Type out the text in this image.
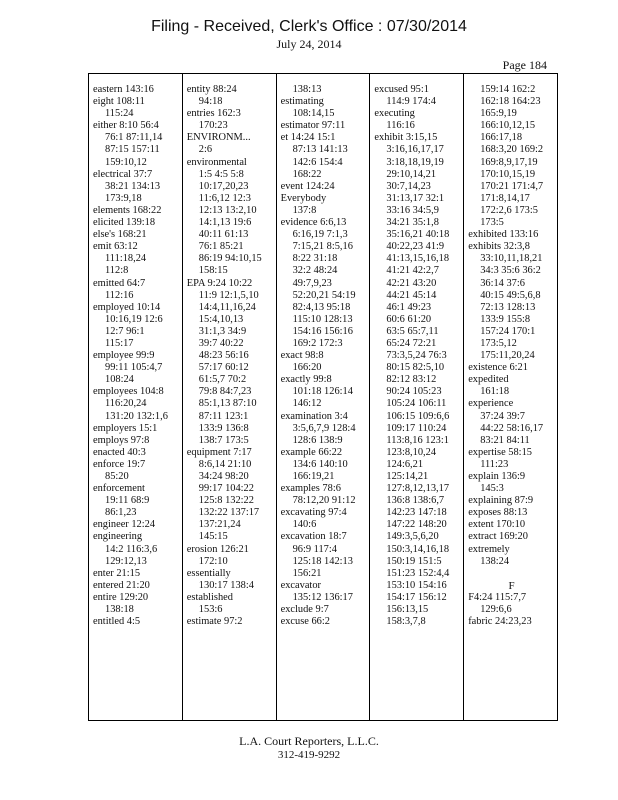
Filing - Received, Clerk's Office : 07/30/2014
July 24, 2014
Page 184
eastern 143:16
eight 108:11
115:24
either 8:10 56:4
76:1 87:11,14
87:15 157:11
159:10,12
electrical 37:7
38:21 134:13
173:9,18
elements 168:22
elicited 139:18
else's 168:21
emit 63:12
111:18,24
112:8
emitted 64:7
112:16
employed 10:14
10:16,19 12:6
12:7 96:1
115:17
employee 99:9
99:11 105:4,7
108:24
employees 104:8
116:20,24
131:20 132:1,6
employers 15:1
employs 97:8
enacted 40:3
enforce 19:7
85:20
enforcement
19:11 68:9
86:1,23
engineer 12:24
engineering
14:2 116:3,6
129:12,13
enter 21:15
entered 21:20
entire 129:20
138:18
entitled 4:5
entity 88:24
94:18
entries 162:3
170:23
ENVIRONM...
2:6
environmental
1:5 4:5 5:8
10:17,20,23
11:6,12 12:3
12:13 13:2,10
14:1,13 19:6
40:11 61:13
76:1 85:21
86:19 94:10,15
158:15
EPA 9:24 10:22
11:9 12:1,5,10
14:4,11,16,24
15:4,10,13
31:1,3 34:9
39:7 40:22
48:23 56:16
57:17 60:12
61:5,7 70:2
79:8 84:7,23
85:1,13 87:10
87:11 123:1
133:9 136:8
138:7 173:5
equipment 7:17
8:6,14 21:10
34:24 98:20
99:17 104:22
125:8 132:22
132:22 137:17
137:21,24
145:15
erosion 126:21
172:10
essentially
130:17 138:4
established
153:6
estimate 97:2
138:13
estimating
108:14,15
estimator 97:11
et 14:24 15:1
87:13 141:13
142:6 154:4
168:22
event 124:24
Everybody
137:8
evidence 6:6,13
6:16,19 7:1,3
7:15,21 8:5,16
8:22 31:18
32:2 48:24
49:7,9,23
52:20,21 54:19
82:4,13 95:18
115:10 128:13
154:16 156:16
169:2 172:3
exact 98:8
166:20
exactly 99:8
101:18 126:14
146:12
examination 3:4
3:5,6,7,9 128:4
128:6 138:9
example 66:22
134:6 140:10
166:19,21
examples 78:6
78:12,20 91:12
excavating 97:4
140:6
excavation 18:7
96:9 117:4
125:18 142:13
156:21
excavator
135:12 136:17
exclude 9:7
excuse 66:2
excused 95:1
114:9 174:4
executing
116:16
exhibit 3:15,15
3:16,16,17,17
3:18,18,19,19
29:10,14,21
30:7,14,23
31:13,17 32:1
33:16 34:5,9
34:21 35:1,8
35:16,21 40:18
40:22,23 41:9
41:13,15,16,18
41:21 42:2,7
42:21 43:20
44:21 45:14
46:1 49:23
60:6 61:20
63:5 65:7,11
65:24 72:21
73:3,5,24 76:3
80:15 82:5,10
82:12 83:12
90:24 105:23
105:24 106:11
106:15 109:6,6
109:17 110:24
113:8,16 123:1
123:8,10,24
124:6,21
125:14,21
127:8,12,13,17
136:8 138:6,7
142:23 147:18
147:22 148:20
149:3,5,6,20
150:3,14,16,18
150:19 151:5
151:23 152:4,4
153:10 154:16
154:17 156:12
156:13,15
158:3,7,8
159:14 162:2
162:18 164:23
165:9,19
166:10,12,15
166:17,18
168:3,20 169:2
169:8,9,17,19
170:10,15,19
170:21 171:4,7
171:8,14,17
172:2,6 173:5
173:5
exhibited 133:16
exhibits 32:3,8
33:10,11,18,21
34:3 35:6 36:2
36:14 37:6
40:15 49:5,6,8
72:13 128:13
133:9 155:8
157:24 170:1
173:5,12
175:11,20,24
existence 6:21
expedited
161:18
experience
37:24 39:7
44:22 58:16,17
83:21 84:11
expertise 58:15
111:23
explain 136:9
145:3
explaining 87:9
exposes 88:13
extent 170:10
extract 169:20
extremely
138:24
F
F4:24 115:7,7
129:6,6
fabric 24:23,23
L.A. Court Reporters, L.L.C.
312-419-9292
